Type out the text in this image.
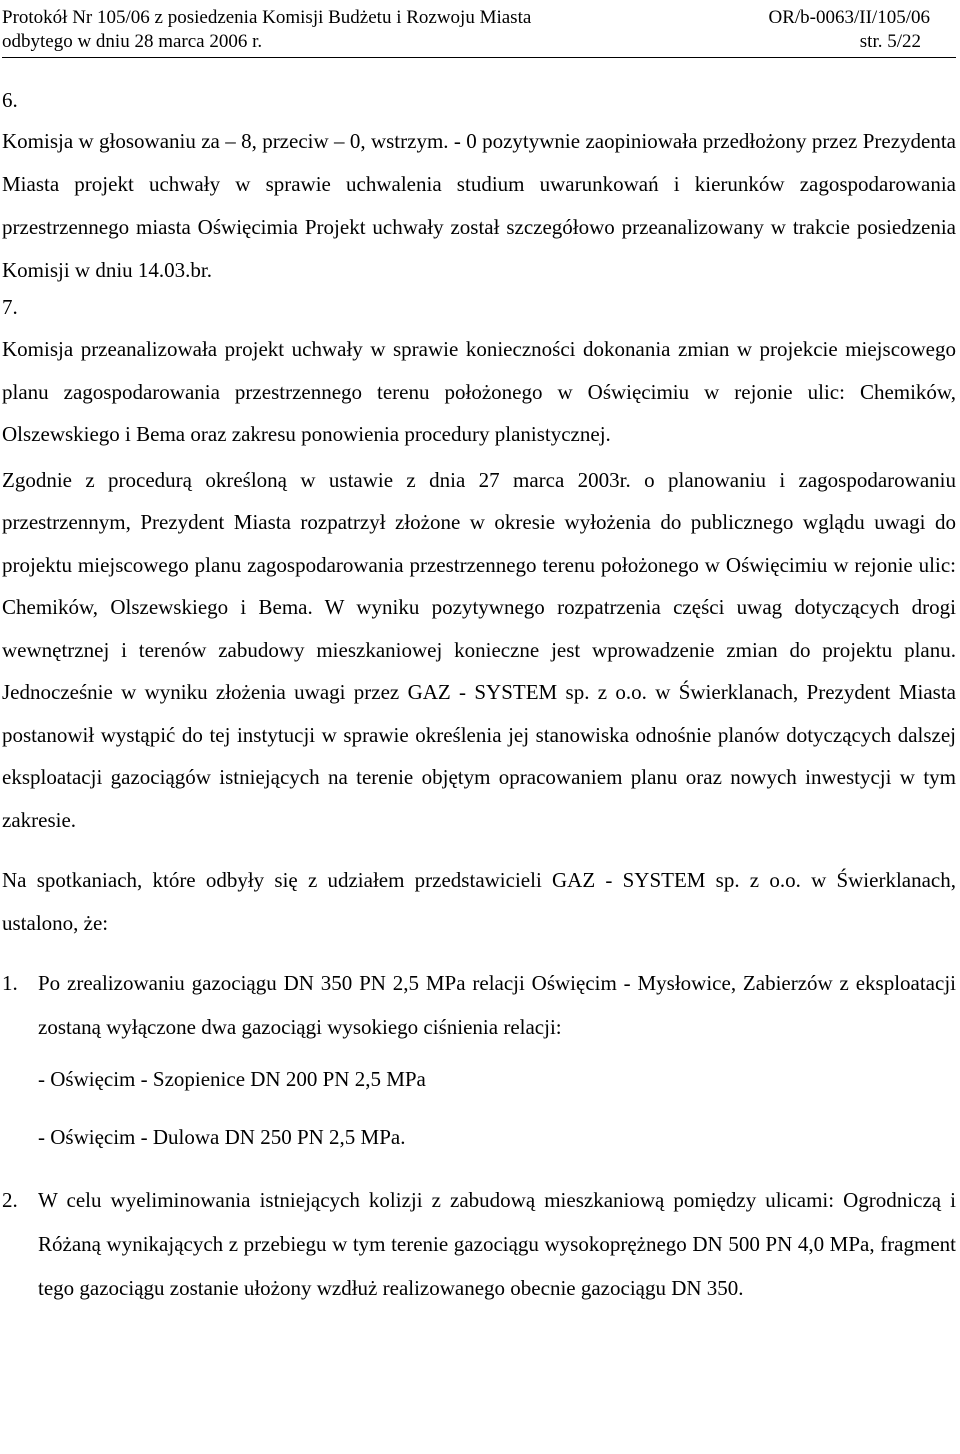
Protokół Nr 105/06 z posiedzenia Komisji Budżetu i Rozwoju Miasta	OR/b-0063/II/105/06
odbytego w dniu 28 marca 2006 r.	str. 5/22
6.

Komisja w głosowaniu za – 8, przeciw – 0, wstrzym. - 0 pozytywnie zaopiniowała przedłożony przez Prezydenta Miasta projekt uchwały w sprawie uchwalenia studium uwarunkowań i kierunków zagospodarowania przestrzennego miasta Oświęcimia Projekt uchwały został szczegółowo przeanalizowany w trakcie posiedzenia Komisji w dniu 14.03.br.

7.

Komisja przeanalizowała projekt uchwały w sprawie konieczności dokonania zmian w projekcie miejscowego planu zagospodarowania przestrzennego terenu położonego w Oświęcimiu w rejonie ulic: Chemików, Olszewskiego i Bema oraz zakresu ponowienia procedury planistycznej.

Zgodnie z procedurą określoną w ustawie z dnia 27 marca 2003r. o planowaniu i zagospodarowaniu przestrzennym, Prezydent Miasta rozpatrzył złożone w okresie wyłożenia do publicznego wglądu uwagi do projektu miejscowego planu zagospodarowania przestrzennego terenu położonego w Oświęcimiu w rejonie ulic: Chemików, Olszewskiego i Bema. W wyniku pozytywnego rozpatrzenia części uwag dotyczących drogi wewnętrznej i terenów zabudowy mieszkaniowej konieczne jest wprowadzenie zmian do projektu planu. Jednocześnie w wyniku złożenia uwagi przez GAZ - SYSTEM sp. z o.o. w Świerklanach, Prezydent Miasta postanowił wystąpić do tej instytucji w sprawie określenia jej stanowiska odnośnie planów dotyczących dalszej eksploatacji gazociągów istniejących na terenie objętym opracowaniem planu oraz nowych inwestycji w tym zakresie.

Na spotkaniach, które odbyły się z udziałem przedstawicieli GAZ - SYSTEM sp. z o.o. w Świerklanach, ustalono, że:

1. Po zrealizowaniu gazociągu DN 350 PN 2,5 MPa relacji Oświęcim - Mysłowice, Zabierzów z eksploatacji zostaną wyłączone dwa gazociągi wysokiego ciśnienia relacji:
- Oświęcim - Szopienice DN 200 PN 2,5 MPa
- Oświęcim - Dulowa DN 250 PN 2,5 MPa.
2. W celu wyeliminowania istniejących kolizji z zabudową mieszkaniową pomiędzy ulicami: Ogrodniczą i Różaną wynikających z przebiegu w tym terenie gazociągu wysokoprężnego DN 500 PN 4,0 MPa, fragment tego gazociągu zostanie ułożony wzdłuż realizowanego obecnie gazociągu DN 350.
